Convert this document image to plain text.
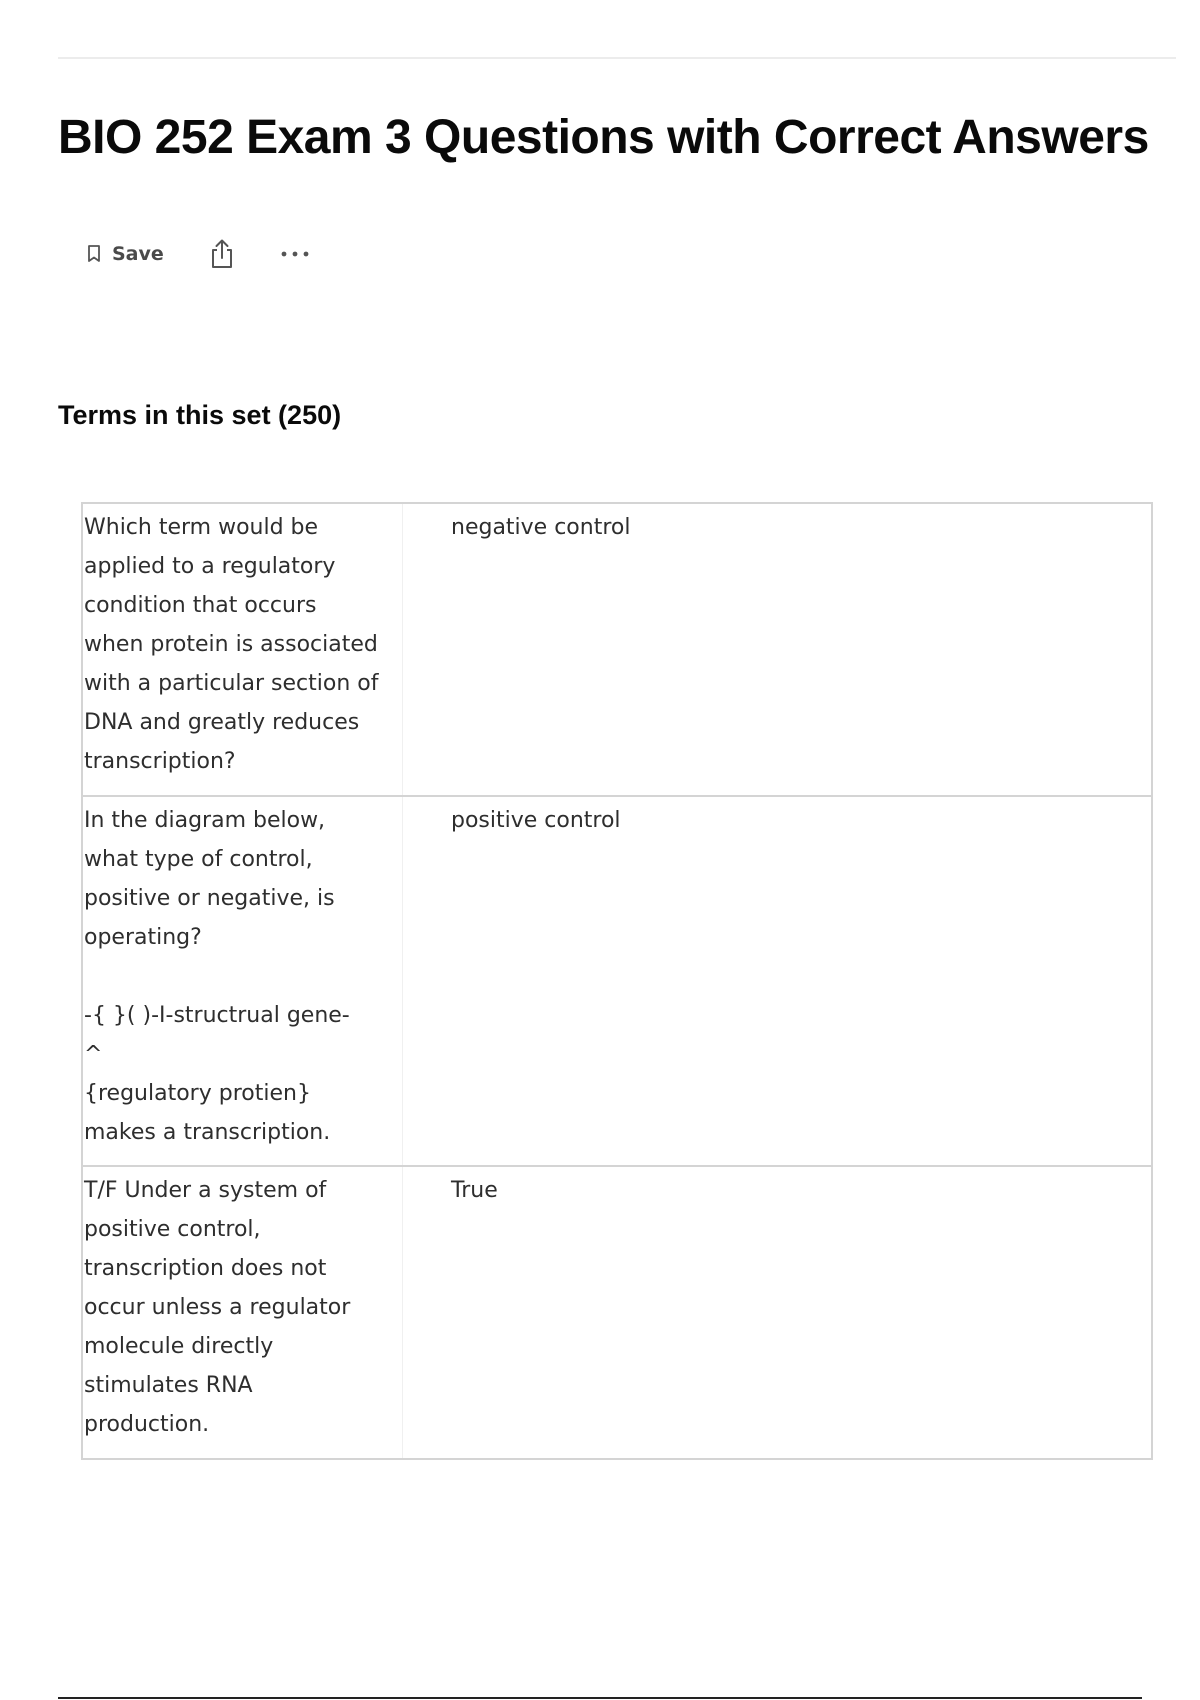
BIO 252 Exam 3 Questions with Correct Answers
Save
Terms in this set (250)
Which term would be
applied to a regulatory
condition that occurs
when protein is associated
with a particular section of
DNA and greatly reduces
transcription?
negative control
In the diagram below,
what type of control,
positive or negative, is
operating?

-{ }( )-I-structrual gene-
^
{regulatory protien}
makes a transcription.
positive control
T/F Under a system of
positive control,
transcription does not
occur unless a regulator
molecule directly
stimulates RNA
production.
True
